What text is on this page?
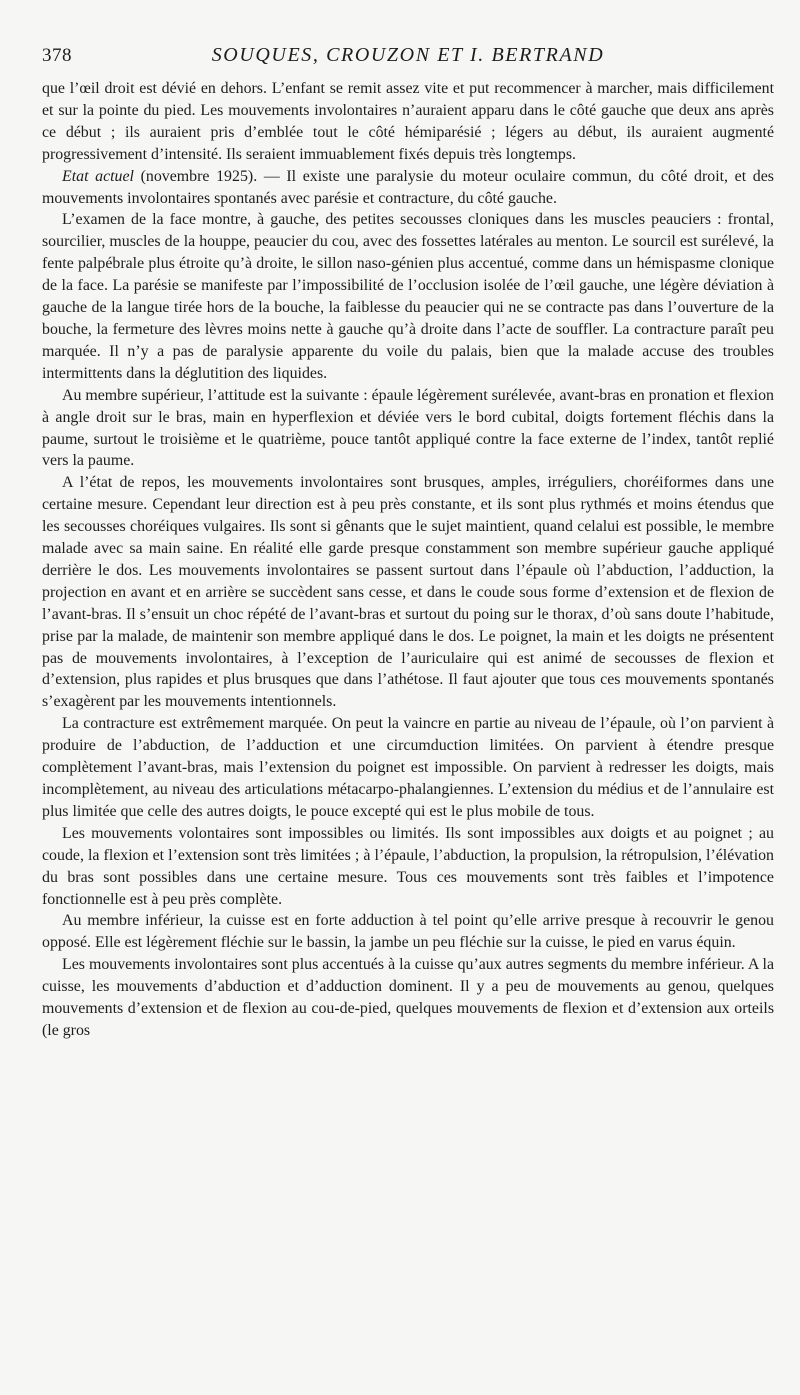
378	SOUQUES, CROUZON ET I. BERTRAND

que l’œil droit est dévié en dehors. L’enfant se remit assez vite et put recommencer à marcher, mais difficilement et sur la pointe du pied. Les mouvements involontaires n’auraient apparu dans le côté gauche que deux ans après ce début ; ils auraient pris d’emblée tout le côté hémiparésié ; légers au début, ils auraient augmenté progressivement d’intensité. Ils seraient immuablement fixés depuis très longtemps.

Etat actuel (novembre 1925). — Il existe une paralysie du moteur oculaire commun, du côté droit, et des mouvements involontaires spontanés avec parésie et contracture, du côté gauche.

L’examen de la face montre, à gauche, des petites secousses cloniques dans les muscles peauciers : frontal, sourcilier, muscles de la houppe, peaucier du cou, avec des fossettes latérales au menton. Le sourcil est surélevé, la fente palpébrale plus étroite qu’à droite, le sillon naso-génien plus accentué, comme dans un hémispasme clonique de la face. La parésie se manifeste par l’impossibilité de l’occlusion isolée de l’œil gauche, une légère déviation à gauche de la langue tirée hors de la bouche, la faiblesse du peaucier qui ne se contracte pas dans l’ouverture de la bouche, la fermeture des lèvres moins nette à gauche qu’à droite dans l’acte de souffler. La contracture paraît peu marquée. Il n’y a pas de paralysie apparente du voile du palais, bien que la malade accuse des troubles intermittents dans la déglutition des liquides.

Au membre supérieur, l’attitude est la suivante : épaule légèrement surélevée, avant-bras en pronation et flexion à angle droit sur le bras, main en hyperflexion et déviée vers le bord cubital, doigts fortement fléchis dans la paume, surtout le troisième et le quatrième, pouce tantôt appliqué contre la face externe de l’index, tantôt replié vers la paume.

A l’état de repos, les mouvements involontaires sont brusques, amples, irréguliers, choréiformes dans une certaine mesure. Cependant leur direction est à peu près constante, et ils sont plus rythmés et moins étendus que les secousses choréiques vulgaires. Ils sont si gênants que le sujet maintient, quand celalui est possible, le membre malade avec sa main saine. En réalité elle garde presque constamment son membre supérieur gauche appliqué derrière le dos. Les mouvements involontaires se passent surtout dans l’épaule où l’abduction, l’adduction, la projection en avant et en arrière se succèdent sans cesse, et dans le coude sous forme d’extension et de flexion de l’avant-bras. Il s’ensuit un choc répété de l’avant-bras et surtout du poing sur le thorax, d’où sans doute l’habitude, prise par la malade, de maintenir son membre appliqué dans le dos. Le poignet, la main et les doigts ne présentent pas de mouvements involontaires, à l’exception de l’auriculaire qui est animé de secousses de flexion et d’extension, plus rapides et plus brusques que dans l’athétose. Il faut ajouter que tous ces mouvements spontanés s’exagèrent par les mouvements intentionnels.

La contracture est extrêmement marquée. On peut la vaincre en partie au niveau de l’épaule, où l’on parvient à produire de l’abduction, de l’adduction et une circumduction limitées. On parvient à étendre presque complètement l’avant-bras, mais l’extension du poignet est impossible. On parvient à redresser les doigts, mais incomplètement, au niveau des articulations métacarpo-phalangiennes. L’extension du médius et de l’annulaire est plus limitée que celle des autres doigts, le pouce excepté qui est le plus mobile de tous.

Les mouvements volontaires sont impossibles ou limités. Ils sont impossibles aux doigts et au poignet ; au coude, la flexion et l’extension sont très limitées ; à l’épaule, l’abduction, la propulsion, la rétropulsion, l’élévation du bras sont possibles dans une certaine mesure. Tous ces mouvements sont très faibles et l’impotence fonctionnelle est à peu près complète.

Au membre inférieur, la cuisse est en forte adduction à tel point qu’elle arrive presque à recouvrir le genou opposé. Elle est légèrement fléchie sur le bassin, la jambe un peu fléchie sur la cuisse, le pied en varus équin.

Les mouvements involontaires sont plus accentués à la cuisse qu’aux autres segments du membre inférieur. A la cuisse, les mouvements d’abduction et d’adduction dominent. Il y a peu de mouvements au genou, quelques mouvements d’extension et de flexion au cou-de-pied, quelques mouvements de flexion et d’extension aux orteils (le gros
